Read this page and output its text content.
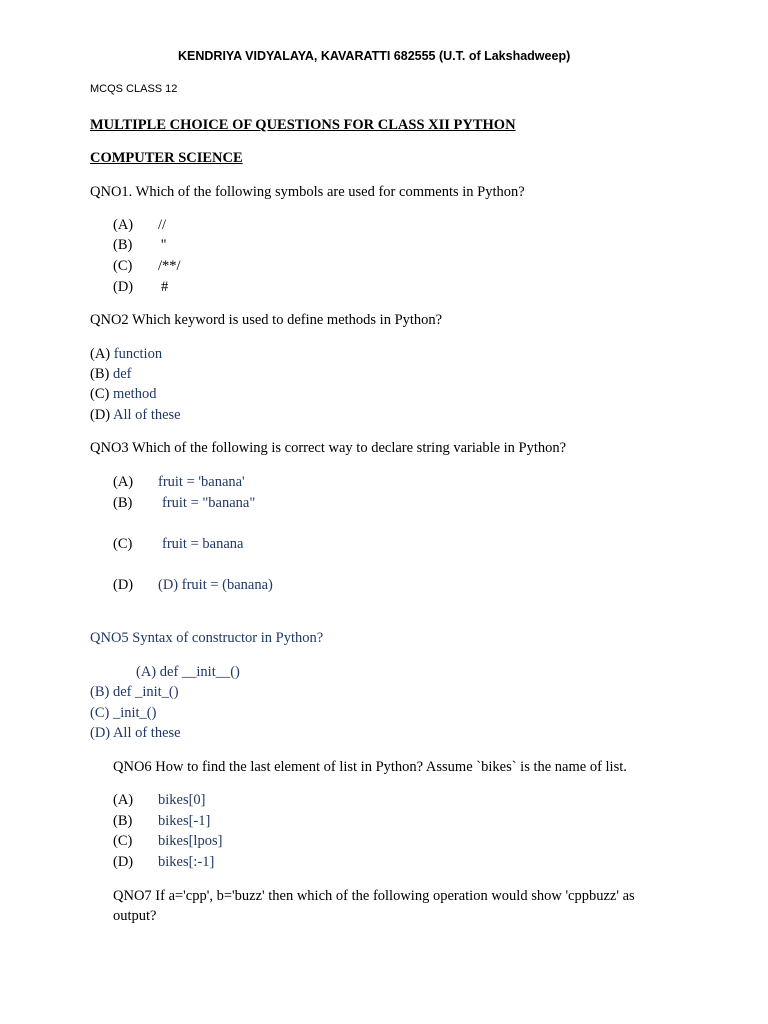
KENDRIYA VIDYALAYA, KAVARATTI 682555 (U.T. of Lakshadweep)
MCQS CLASS 12
MULTIPLE CHOICE OF QUESTIONS FOR CLASS XII PYTHON
COMPUTER SCIENCE
QNO1. Which of the following symbols are used for comments in Python?
(A) //
(B) ''
(C) /**/
(D) #
QNO2 Which keyword is used to define methods in Python?
(A) function
(B) def
(C) method
(D) All of these
QNO3 Which of the following is correct way to declare string variable in Python?
(A) fruit = 'banana'
(B) fruit = "banana"
(C) fruit = banana
(D) (D) fruit = (banana)
QNO5 Syntax of constructor in Python?
(A) def __init__()
(B) def _init_()
(C) _init_()
(D) All of these
QNO6 How to find the last element of list in Python? Assume `bikes` is the name of list.
(A) bikes[0]
(B) bikes[-1]
(C) bikes[lpos]
(D) bikes[:-1]
QNO7 If a='cpp', b='buzz' then which of the following operation would show 'cppbuzz' as
output?
